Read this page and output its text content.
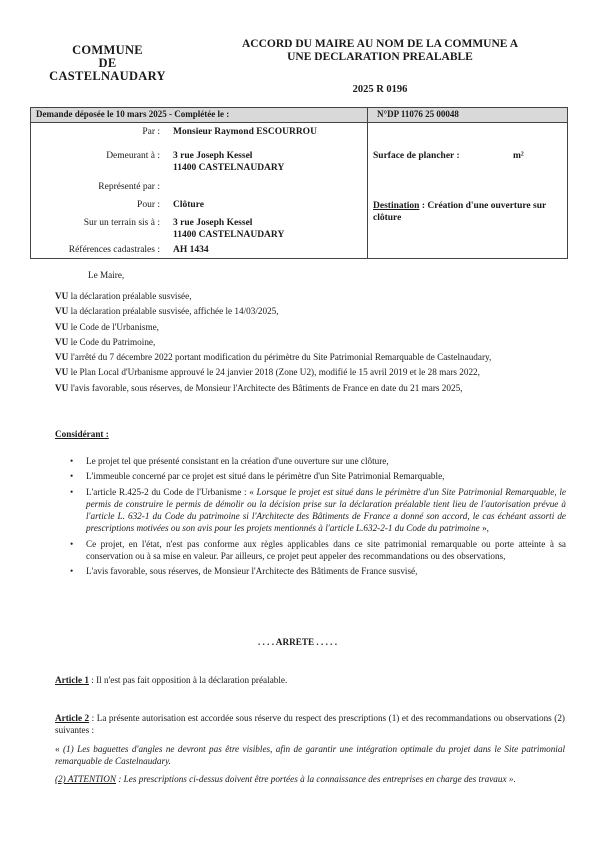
COMMUNE
DE
CASTELNAUDARY
ACCORD DU MAIRE AU NOM DE LA COMMUNE A
UNE DECLARATION PREALABLE
2025 R 0196
Demande déposée le 10 mars 2025 - Complétée le :	N°DP 11076 25 00048
Par : Monsieur Raymond ESCOURROU
Demeurant à : 3 rue Joseph Kessel
11400 CASTELNAUDARY
Représenté par :
Pour : Clôture
Sur un terrain sis à : 3 rue Joseph Kessel
11400 CASTELNAUDARY
Références cadastrales : AH 1434
Surface de plancher :	m²
Destination : Création d'une ouverture sur clôture
Le Maire,
VU la déclaration préalable susvisée,
VU la déclaration préalable susvisée, affichée le 14/03/2025,
VU le Code de l'Urbanisme,
VU le Code du Patrimoine,
VU l'arrêté du 7 décembre 2022 portant modification du périmètre du Site Patrimonial Remarquable de Castelnaudary,
VU le Plan Local d'Urbanisme approuvé le 24 janvier 2018 (Zone U2), modifié le 15 avril 2019 et le 28 mars 2022,
VU l'avis favorable, sous réserves, de Monsieur l'Architecte des Bâtiments de France en date du 21 mars 2025,
Considérant :
• Le projet tel que présenté consistant en la création d'une ouverture sur une clôture,
• L'immeuble concerné par ce projet est situé dans le périmètre d'un Site Patrimonial Remarquable,
• L'article R.425-2 du Code de l'Urbanisme : « Lorsque le projet est situé dans le périmètre d'un Site Patrimonial Remarquable, le permis de construire le permis de démolir ou la décision prise sur la déclaration préalable tient lieu de l'autorisation prévue à l'article L. 632-1 du Code du patrimoine si l'Architecte des Bâtiments de France a donné son accord, le cas échéant assorti de prescriptions motivées ou son avis pour les projets mentionnés à l'article L.632-2-1 du Code du patrimoine »,
• Ce projet, en l'état, n'est pas conforme aux règles applicables dans ce site patrimonial remarquable ou porte atteinte à sa conservation ou à sa mise en valeur. Par ailleurs, ce projet peut appeler des recommandations ou des observations,
• L'avis favorable, sous réserves, de Monsieur l'Architecte des Bâtiments de France susvisé,
. . . . ARRETE . . . . .
Article 1 : Il n'est pas fait opposition à la déclaration préalable.
Article 2 : La présente autorisation est accordée sous réserve du respect des prescriptions (1) et des recommandations ou observations (2) suivantes :
« (1) Les baguettes d'angles ne devront pas être visibles, afin de garantir une intégration optimale du projet dans le Site patrimonial remarquable de Castelnaudary.
(2) ATTENTION : Les prescriptions ci-dessus doivent être portées à la connaissance des entreprises en charge des travaux ».
